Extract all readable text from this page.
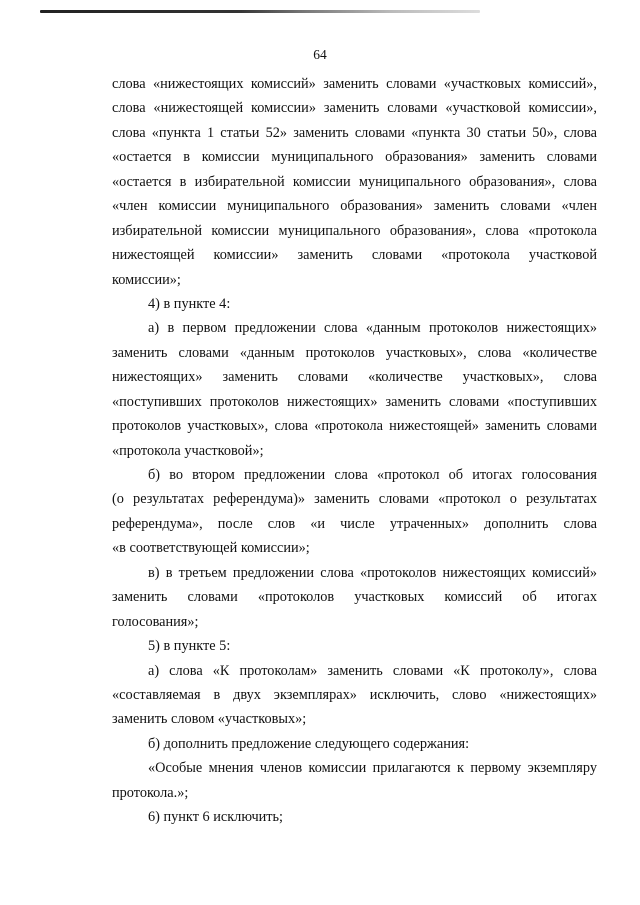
64
слова «нижестоящих комиссий» заменить словами «участковых комиссий»,
слова «нижестоящей комиссии» заменить словами «участковой комиссии»,
слова «пункта 1 статьи 52» заменить словами «пункта 30 статьи 50», слова
«остается в комиссии муниципального образования» заменить словами
«остается в избирательной комиссии муниципального образования», слова
«член комиссии муниципального образования» заменить словами «член
избирательной комиссии муниципального образования», слова «протокола
нижестоящей комиссии» заменить словами «протокола участковой
комиссии»;
4) в пункте 4:
а) в первом предложении слова «данным протоколов нижестоящих»
заменить словами «данным протоколов участковых», слова «количестве
нижестоящих» заменить словами «количестве участковых», слова
«поступивших протоколов нижестоящих» заменить словами «поступивших
протоколов участковых», слова «протокола нижестоящей» заменить словами
«протокола участковой»;
б) во втором предложении слова «протокол об итогах голосования
(о результатах референдума)» заменить словами «протокол о результатах
референдума», после слов «и числе утраченных» дополнить слова
«в соответствующей комиссии»;
в) в третьем предложении слова «протоколов нижестоящих комиссий»
заменить словами «протоколов участковых комиссий об итогах
голосования»;
5) в пункте 5:
а) слова «К протоколам» заменить словами «К протоколу», слова
«составляемая в двух экземплярах» исключить, слово «нижестоящих»
заменить словом «участковых»;
б) дополнить предложение следующего содержания:
«Особые мнения членов комиссии прилагаются к первому экземпляру
протокола.»;
6) пункт 6 исключить;
